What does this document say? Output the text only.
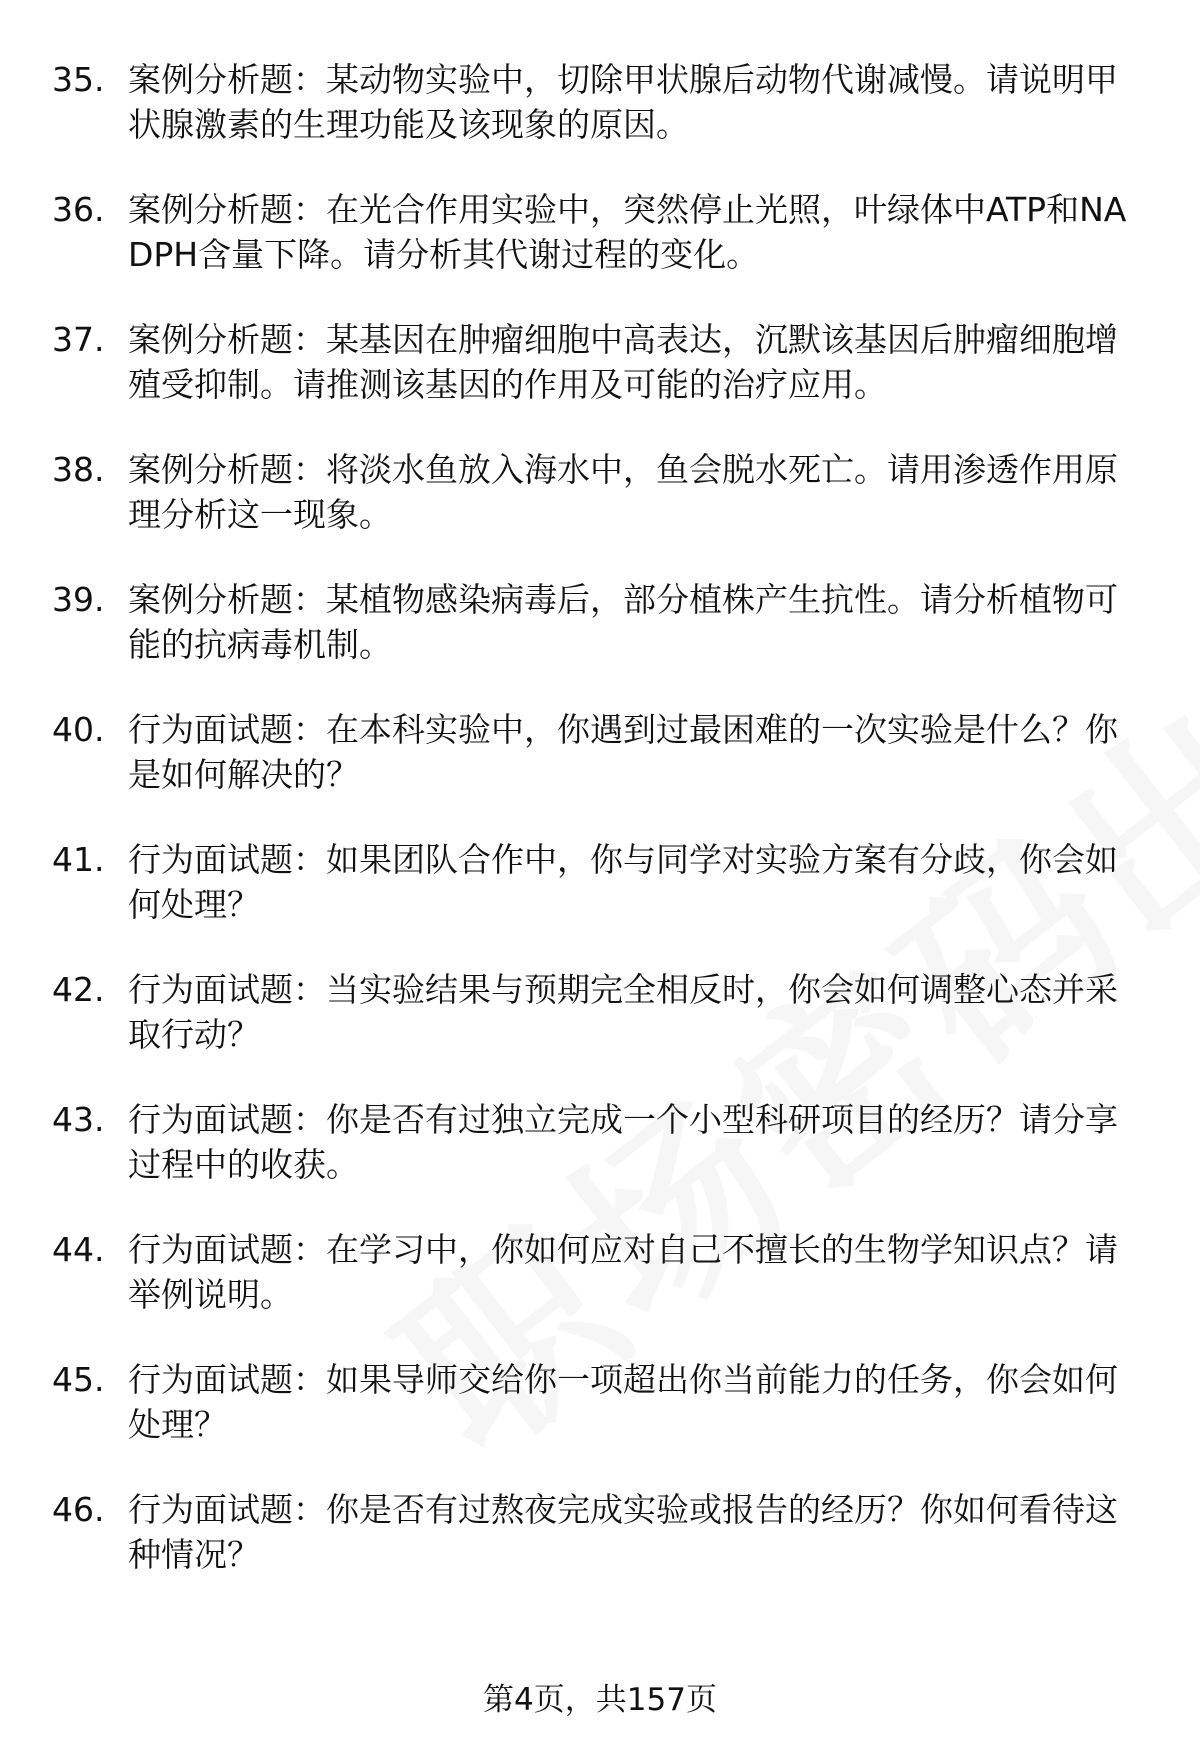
35. 案例分析题：某动物实验中，切除甲状腺后动物代谢减慢。请说明甲状腺激素的生理功能及该现象的原因。
36. 案例分析题：在光合作用实验中，突然停止光照，叶绿体中ATP和NADPH含量下降。请分析其代谢过程的变化。
37. 案例分析题：某基因在肿瘤细胞中高表达，沉默该基因后肿瘤细胞增殖受抑制。请推测该基因的作用及可能的治疗应用。
38. 案例分析题：将淡水鱼放入海水中，鱼会脱水死亡。请用渗透作用原理分析这一现象。
39. 案例分析题：某植物感染病毒后，部分植株产生抗性。请分析植物可能的抗病毒机制。
40. 行为面试题：在本科实验中，你遇到过最困难的一次实验是什么？你是如何解决的？
41. 行为面试题：如果团队合作中，你与同学对实验方案有分歧，你会如何处理？
42. 行为面试题：当实验结果与预期完全相反时，你会如何调整心态并采取行动？
43. 行为面试题：你是否有过独立完成一个小型科研项目的经历？请分享过程中的收获。
44. 行为面试题：在学习中，你如何应对自己不擅长的生物学知识点？请举例说明。
45. 行为面试题：如果导师交给你一项超出你当前能力的任务，你会如何处理？
46. 行为面试题：你是否有过熬夜完成实验或报告的经历？你如何看待这种情况？
第4页，共157页
